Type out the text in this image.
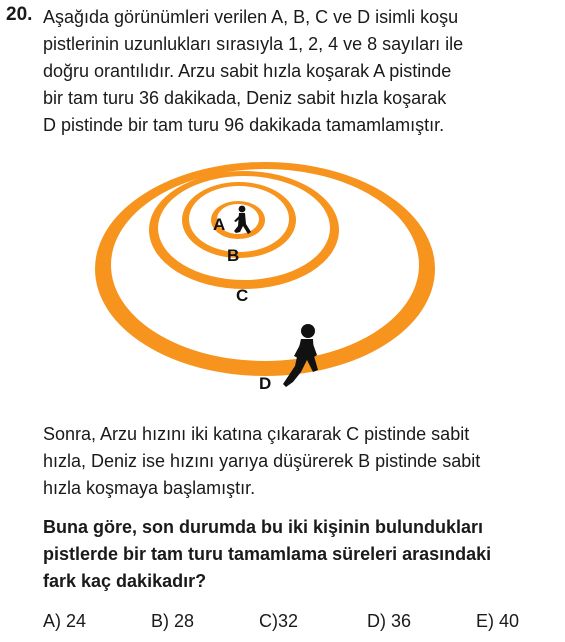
20. Aşağıda görünümleri verilen A, B, C ve D isimli koşu
pistlerinin uzunlukları sırasıyla 1, 2, 4 ve 8 sayıları ile
doğru orantılıdır. Arzu sabit hızla koşarak A pistinde
bir tam turu 36 dakikada, Deniz sabit hızla koşarak
D pistinde bir tam turu 96 dakikada tamamlamıştır.
A
B
C
D
Sonra, Arzu hızını iki katına çıkararak C pistinde sabit
hızla, Deniz ise hızını yarıya düşürerek B pistinde sabit
hızla koşmaya başlamıştır.
Buna göre, son durumda bu iki kişinin bulundukları
pistlerde bir tam turu tamamlama süreleri arasındaki
fark kaç dakikadır?
A) 24	B) 28	C)32	D) 36	E) 40
